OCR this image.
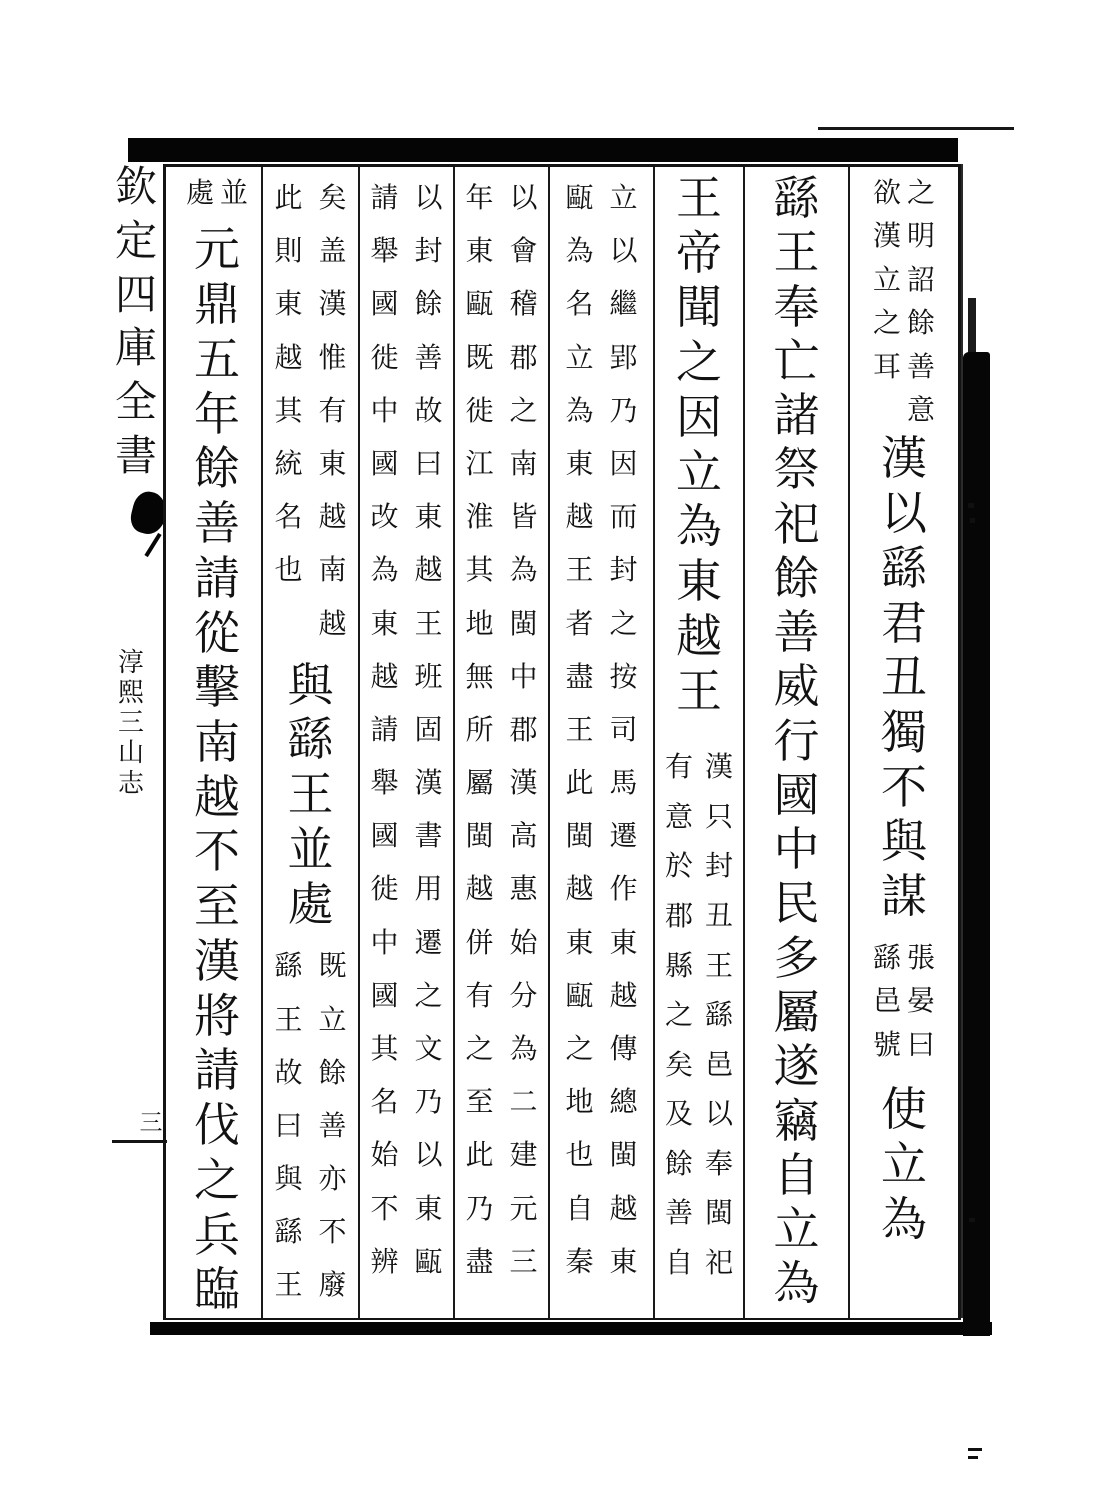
欽定四庫全書
淳熙三山志
三
之明詔餘善意
欲漢立之耳
漢以繇君丑獨不與謀
張晏曰
繇邑號
使立為
繇王奉亡諸祭祀餘善威行國中民多屬遂竊自立為
王帝聞之因立為東越王
漢只封丑王繇邑以奉閩祀
有意於郡縣之矣及餘善自
立以繼郢乃因而封之按司馬遷作東越傳總閩越東
甌為名立為東越王者盡王此閩越東甌之地也自秦
以會稽郡之南皆為閩中郡漢高惠始分為二建元三
年東甌既徙江淮其地無所屬閩越併有之至此乃盡
以封餘善故曰東越王班固漢書用遷之文乃以東甌
請舉國徙中國改為東越請舉國徙中國其名始不辨
矣盖漢惟有東越南越
此則東越其統名也
與繇王並處
既立餘善亦不廢
繇王故曰與繇王
並
處
元鼎五年餘善請從擊南越不至漢將請伐之兵臨
